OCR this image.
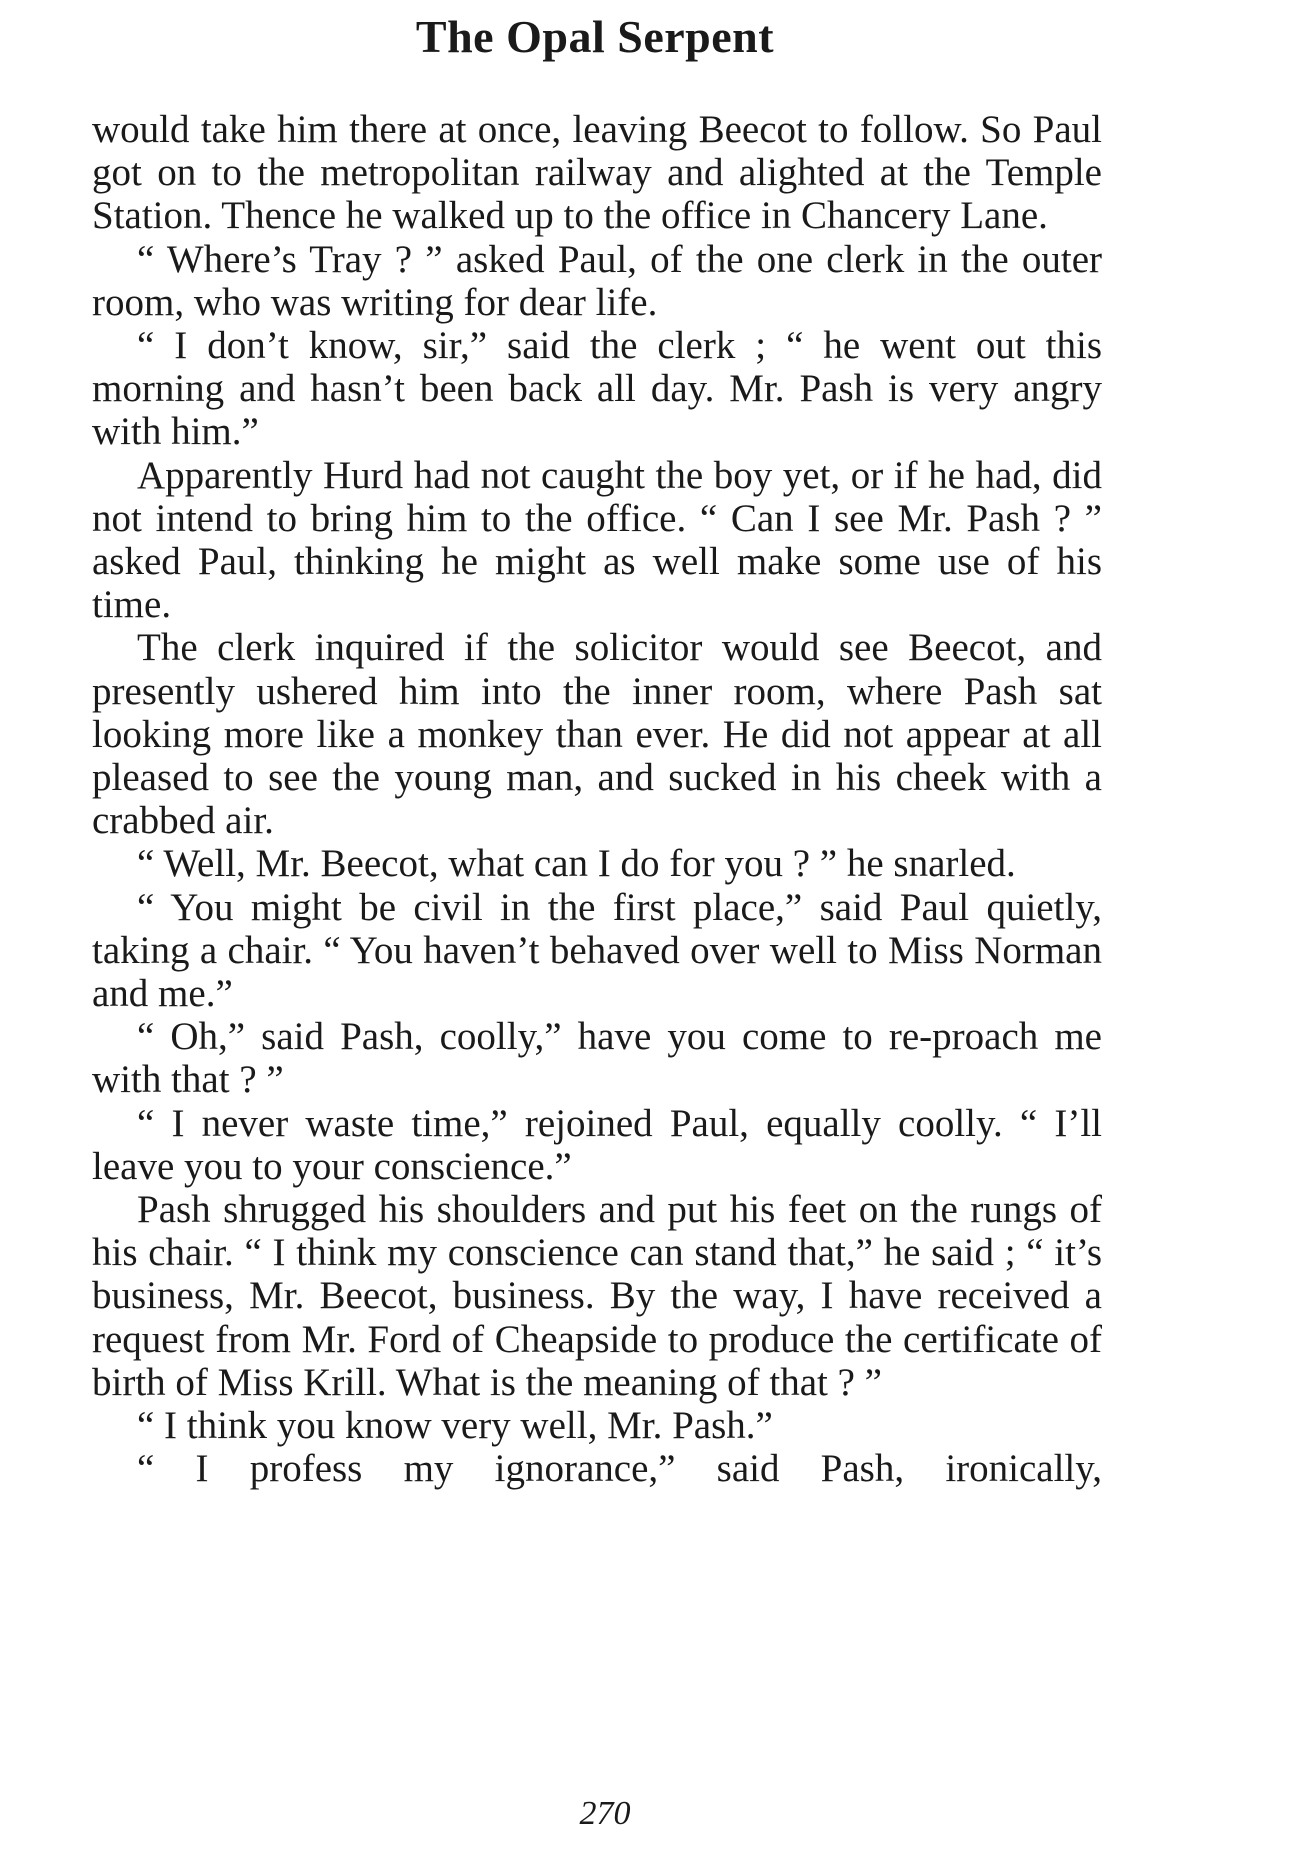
The Opal Serpent

would take him there at once, leaving Beecot to follow. So Paul got on to the metropolitan railway and alighted at the Temple Station. Thence he walked up to the office in Chancery Lane.

“ Where’s Tray ? ” asked Paul, of the one clerk in the outer room, who was writing for dear life.

“ I don’t know, sir,” said the clerk ; “ he went out this morning and hasn’t been back all day. Mr. Pash is very angry with him.”

Apparently Hurd had not caught the boy yet, or if he had, did not intend to bring him to the office. “ Can I see Mr. Pash ? ” asked Paul, thinking he might as well make some use of his time.

The clerk inquired if the solicitor would see Beecot, and presently ushered him into the inner room, where Pash sat looking more like a monkey than ever. He did not appear at all pleased to see the young man, and sucked in his cheek with a crabbed air.

“ Well, Mr. Beecot, what can I do for you ? ” he snarled.

“ You might be civil in the first place,” said Paul quietly, taking a chair. “ You haven’t behaved over well to Miss Norman and me.”

“ Oh,” said Pash, coolly,” have you come to re-proach me with that ? ”

“ I never waste time,” rejoined Paul, equally coolly. “ I’ll leave you to your conscience.”

Pash shrugged his shoulders and put his feet on the rungs of his chair. “ I think my conscience can stand that,” he said ; “ it’s business, Mr. Beecot, business. By the way, I have received a request from Mr. Ford of Cheapside to produce the certificate of birth of Miss Krill. What is the meaning of that ? ”

“ I think you know very well, Mr. Pash.”

“ I profess my ignorance,” said Pash, ironically,

270
